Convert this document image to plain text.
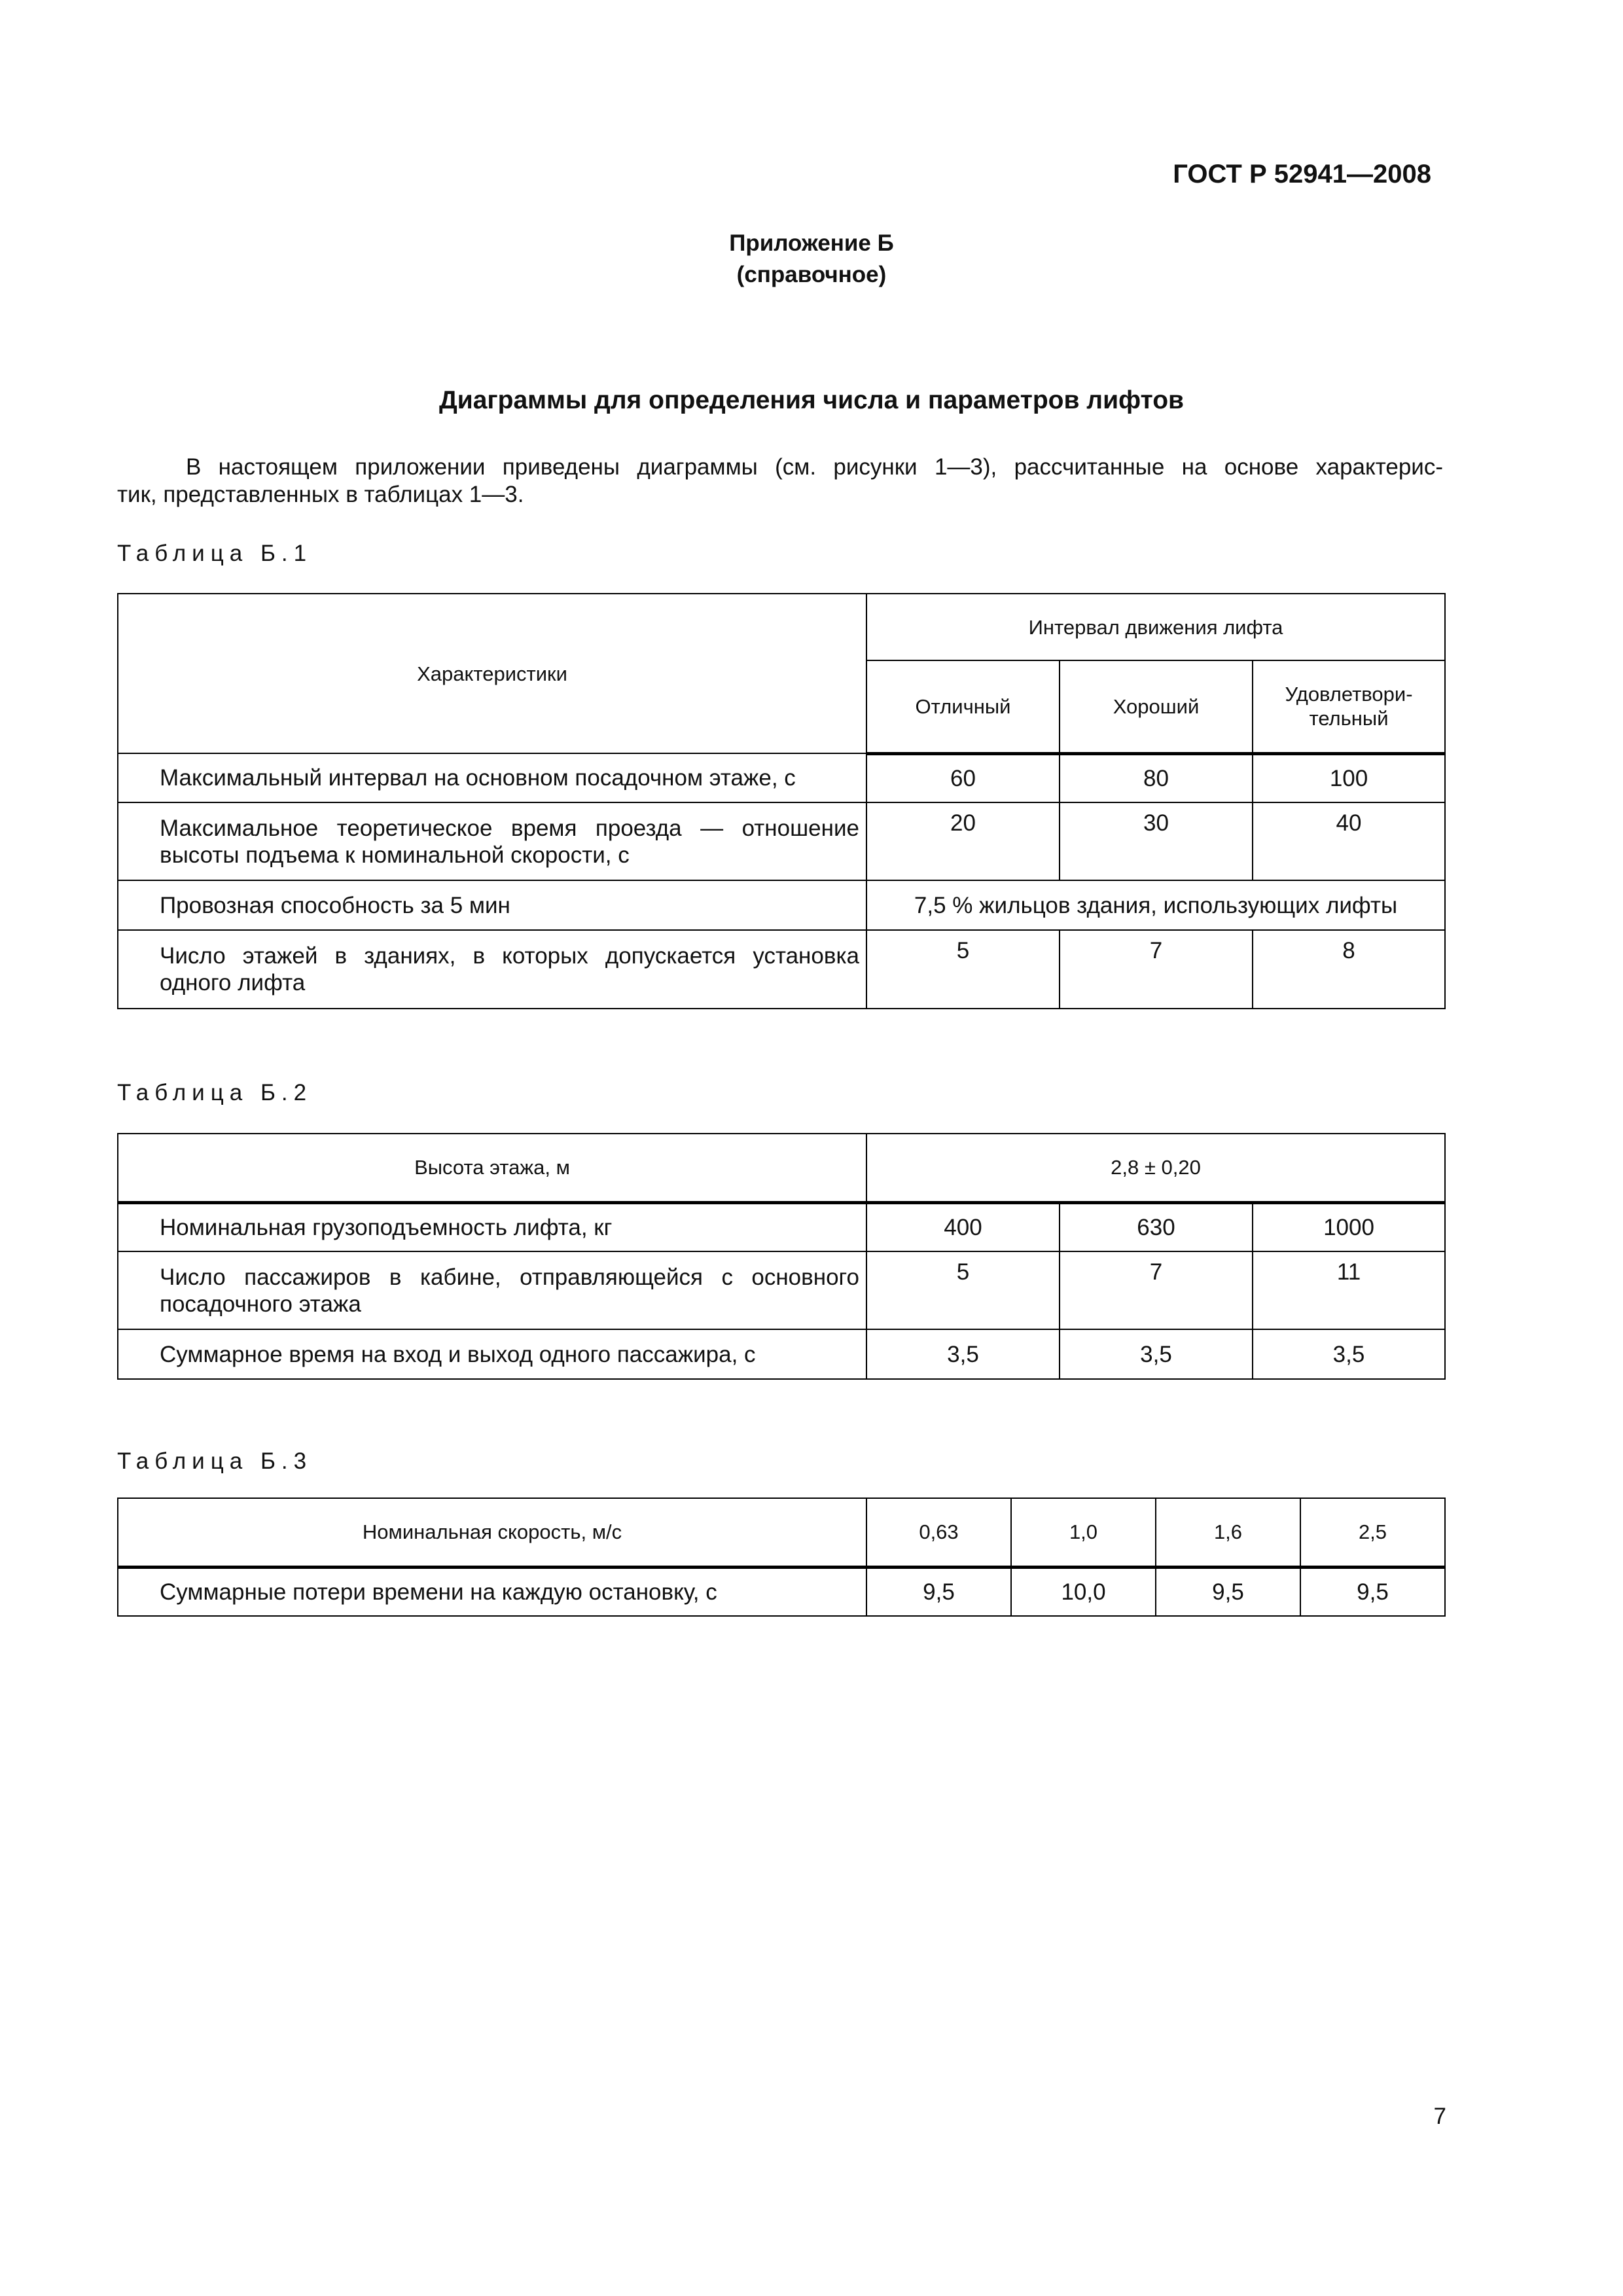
ГОСТ Р 52941—2008
Приложение Б
(справочное)
Диаграммы для определения числа и параметров лифтов

В настоящем приложении приведены диаграммы (см. рисунки 1—3), рассчитанные на основе характерис-

тик, представленных в таблицах 1—3.

Таблица Б.1
Характеристики	Интервал движения лифта		
	Отличный	Хороший	Удовлетвори-
тельный

Максимальный интервал на основном посадочном этаже, с	60	80	100

Максимальное теоретическое время проезда — отношение высоты подъема к номинальной скорости, с	20	30	40

Провозная способность за 5 мин	7,5 % жильцов здания, использующих лифты		

Число этажей в зданиях, в которых допускается установка одного лифта	5	7	8
Таблица Б.2
Высота этажа, м	2,8 ± 0,20		

Номинальная грузоподъемность лифта, кг	400	630	1000

Число пассажиров в кабине, отправляющейся с основного посадочного этажа	5	7	11

Суммарное время на вход и выход одного пассажира, с	3,5	3,5	3,5
Таблица Б.3
Номинальная скорость, м/с	0,63	1,0	1,6	2,5

Суммарные потери времени на каждую остановку, с	9,5	10,0	9,5	9,5
7
